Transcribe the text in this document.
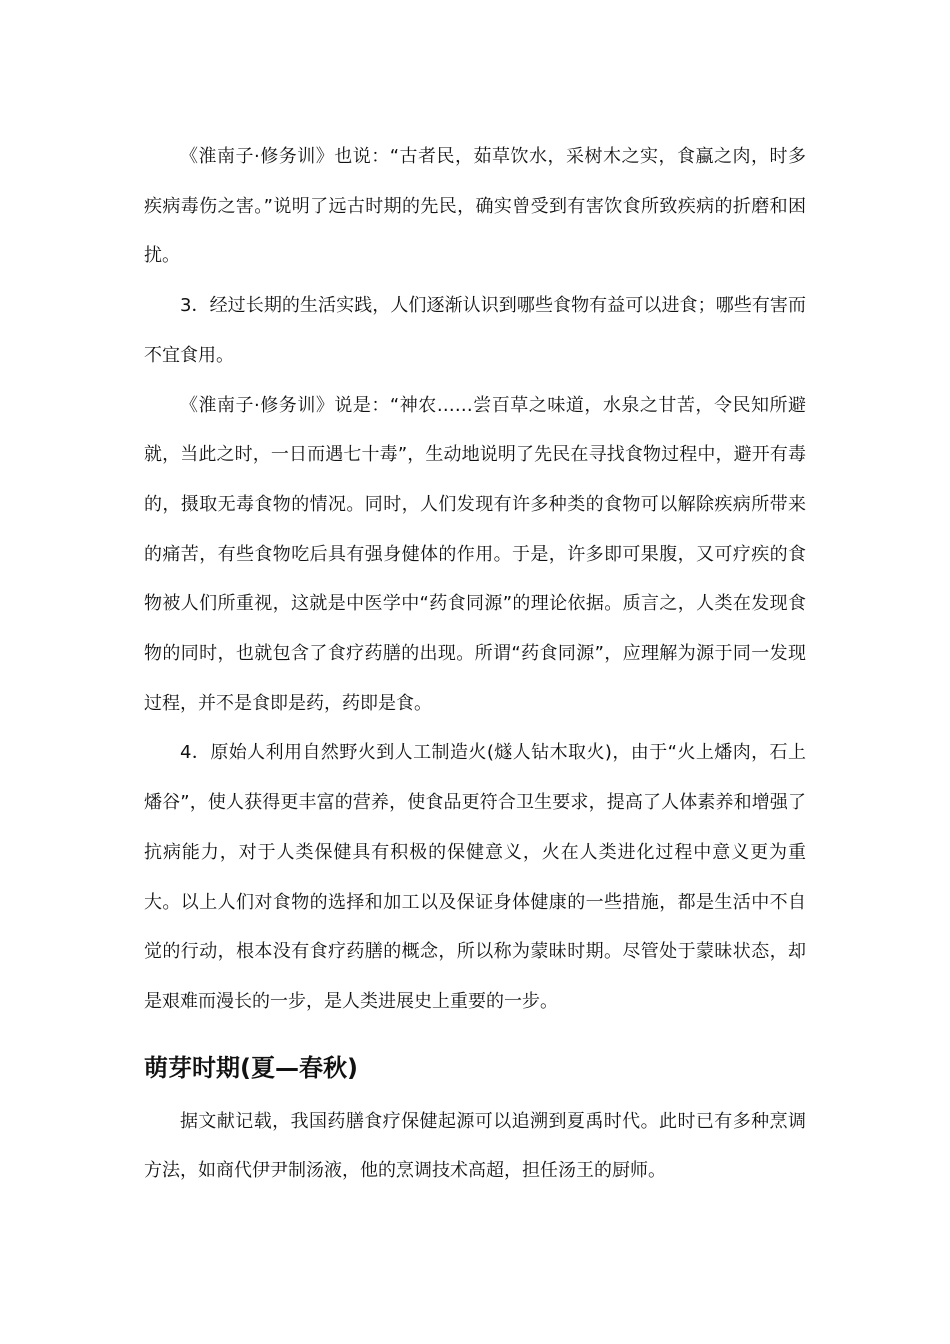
《淮南子·修务训》也说：“古者民，茹草饮水，采树木之实，食蠃之肉，时多疾病毒伤之害。”说明了远古时期的先民，确实曾受到有害饮食所致疾病的折磨和困扰。

3．经过长期的生活实践，人们逐渐认识到哪些食物有益可以进食；哪些有害而不宜食用。

《淮南子·修务训》说是：“神农……尝百草之味道，水泉之甘苦，令民知所避就，当此之时，一日而遇七十毒”，生动地说明了先民在寻找食物过程中，避开有毒的，摄取无毒食物的情况。同时，人们发现有许多种类的食物可以解除疾病所带来的痛苦，有些食物吃后具有强身健体的作用。于是，许多即可果腹，又可疗疾的食物被人们所重视，这就是中医学中“药食同源”的理论依据。质言之，人类在发现食物的同时，也就包含了食疗药膳的出现。所谓“药食同源”，应理解为源于同一发现过程，并不是食即是药，药即是食。

4．原始人利用自然野火到人工制造火(燧人钻木取火)，由于“火上燔肉，石上燔谷”，使人获得更丰富的营养，使食品更符合卫生要求，提高了人体素养和增强了抗病能力，对于人类保健具有积极的保健意义，火在人类进化过程中意义更为重大。以上人们对食物的选择和加工以及保证身体健康的一些措施，都是生活中不自觉的行动，根本没有食疗药膳的概念，所以称为蒙昧时期。尽管处于蒙昧状态，却是艰难而漫长的一步，是人类进展史上重要的一步。

萌芽时期(夏—春秋)

据文献记载，我国药膳食疗保健起源可以追溯到夏禹时代。此时已有多种烹调方法，如商代伊尹制汤液，他的烹调技术高超，担任汤王的厨师。
